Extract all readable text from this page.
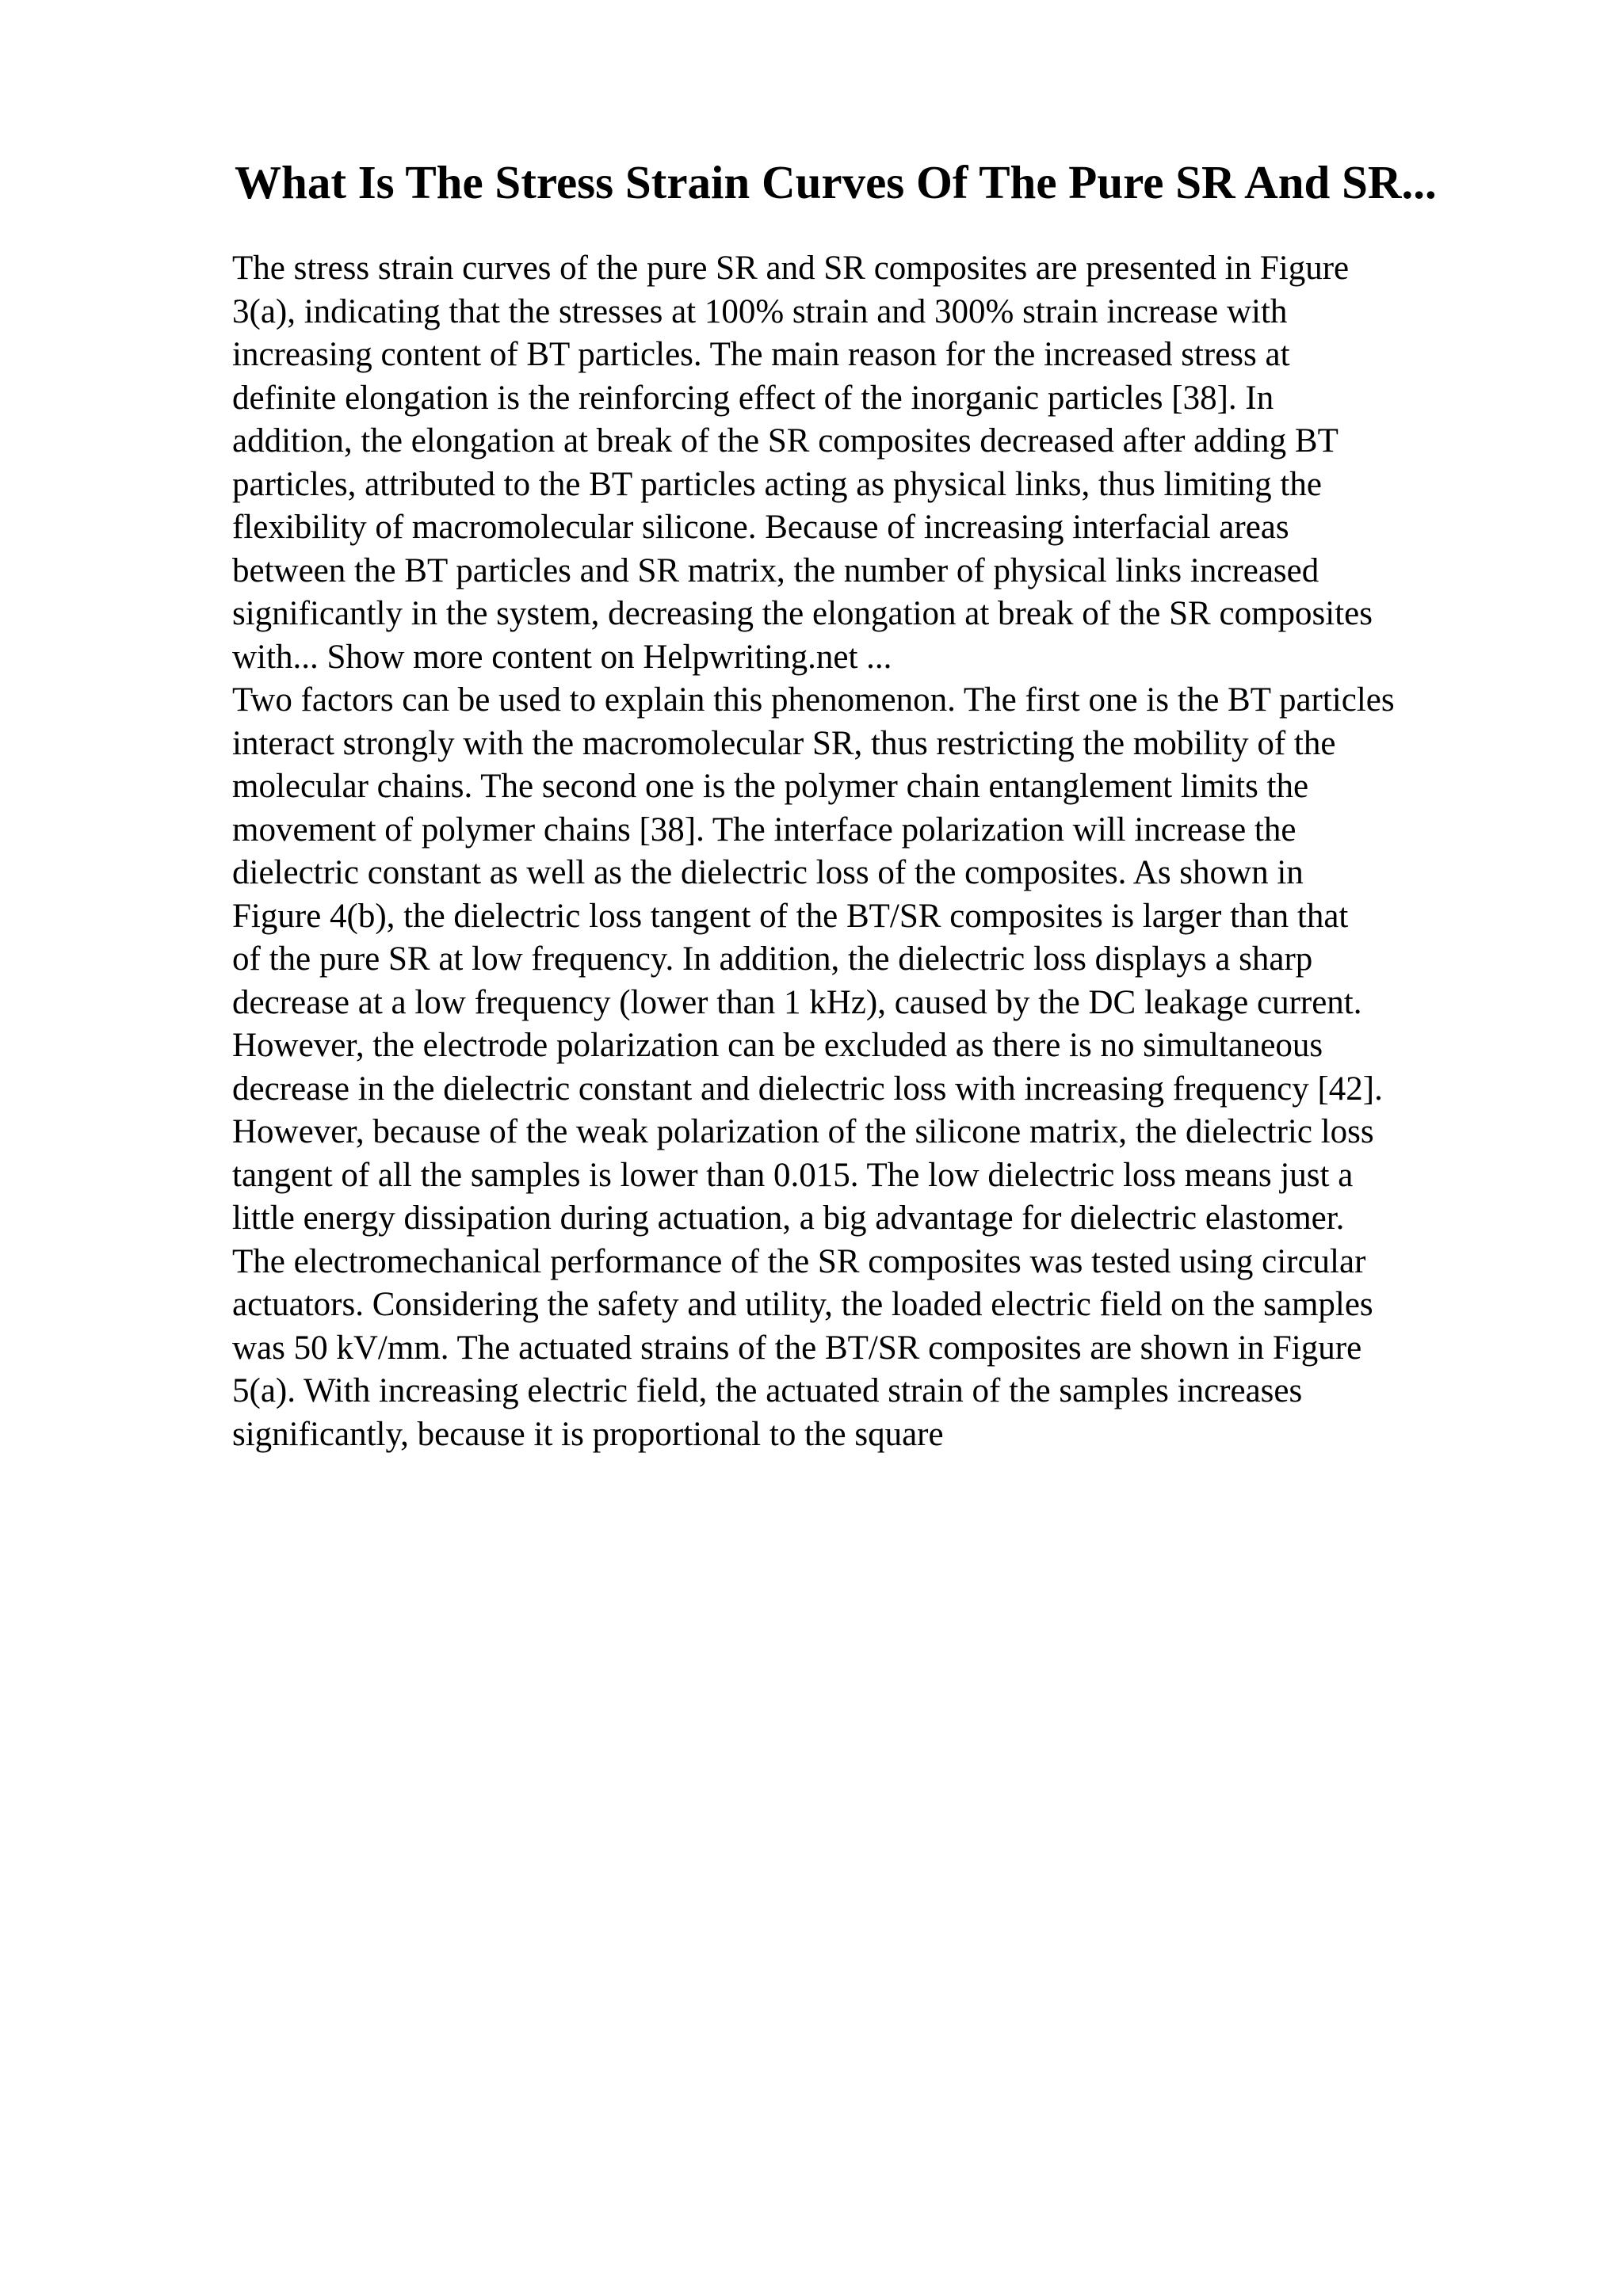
What Is The Stress Strain Curves Of The Pure SR And SR...
The stress strain curves of the pure SR and SR composites are presented in Figure
3(a), indicating that the stresses at 100% strain and 300% strain increase with
increasing content of BT particles. The main reason for the increased stress at
definite elongation is the reinforcing effect of the inorganic particles [38]. In
addition, the elongation at break of the SR composites decreased after adding BT
particles, attributed to the BT particles acting as physical links, thus limiting the
flexibility of macromolecular silicone. Because of increasing interfacial areas
between the BT particles and SR matrix, the number of physical links increased
significantly in the system, decreasing the elongation at break of the SR composites
with... Show more content on Helpwriting.net ...
Two factors can be used to explain this phenomenon. The first one is the BT particles
interact strongly with the macromolecular SR, thus restricting the mobility of the
molecular chains. The second one is the polymer chain entanglement limits the
movement of polymer chains [38]. The interface polarization will increase the
dielectric constant as well as the dielectric loss of the composites. As shown in
Figure 4(b), the dielectric loss tangent of the BT/SR composites is larger than that
of the pure SR at low frequency. In addition, the dielectric loss displays a sharp
decrease at a low frequency (lower than 1 kHz), caused by the DC leakage current.
However, the electrode polarization can be excluded as there is no simultaneous
decrease in the dielectric constant and dielectric loss with increasing frequency [42].
However, because of the weak polarization of the silicone matrix, the dielectric loss
tangent of all the samples is lower than 0.015. The low dielectric loss means just a
little energy dissipation during actuation, a big advantage for dielectric elastomer.
The electromechanical performance of the SR composites was tested using circular
actuators. Considering the safety and utility, the loaded electric field on the samples
was 50 kV/mm. The actuated strains of the BT/SR composites are shown in Figure
5(a). With increasing electric field, the actuated strain of the samples increases
significantly, because it is proportional to the square
